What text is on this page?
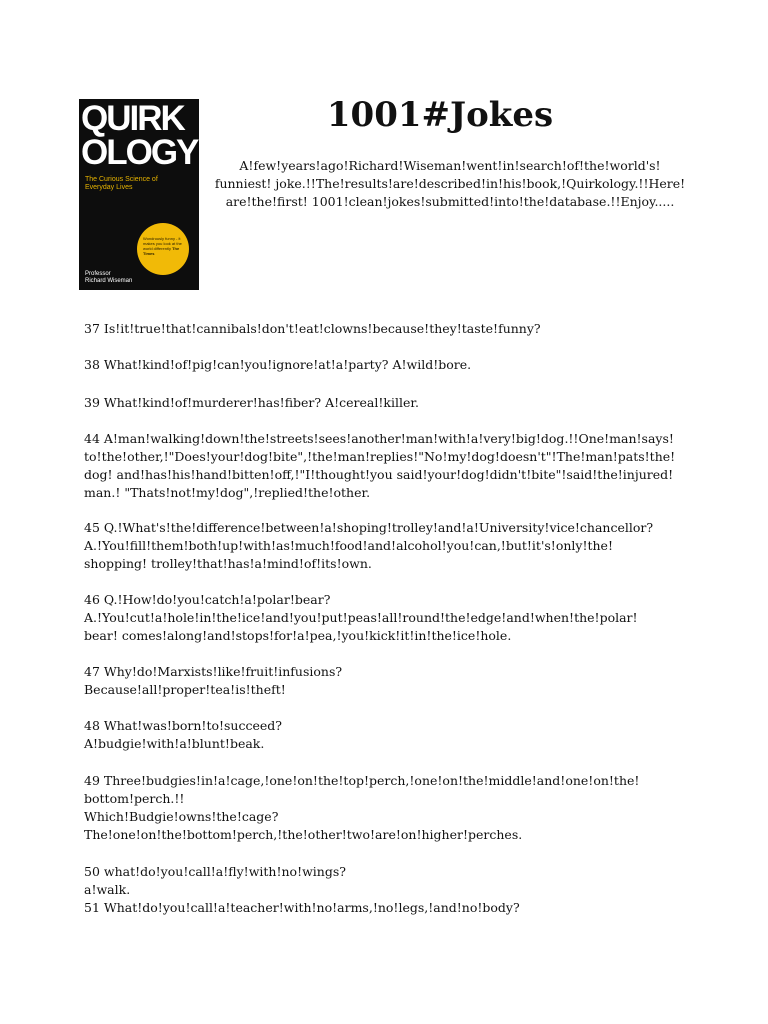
QUIRK
OLOGY
The Curious Science of Everyday Lives
Wondrously funny - it makes you look at the world differently The Times
Professor
Richard Wiseman
1001#Jokes

A!few!years!ago!Richard!Wiseman!went!in!search!of!the!world's! funniest! joke.!!The!results!are!described!in!his!book,!Quirkology.!!Here! are!the!first! 1001!clean!jokes!submitted!into!the!database.!!Enjoy.....

37 Is!it!true!that!cannibals!don't!eat!clowns!because!they!taste!funny?

38 What!kind!of!pig!can!you!ignore!at!a!party? A!wild!bore.

39 What!kind!of!murderer!has!fiber? A!cereal!killer.

44 A!man!walking!down!the!streets!sees!another!man!with!a!very!big!dog.!!One!man!says!
to!the!other,!"Does!your!dog!bite",!the!man!replies!"No!my!dog!doesn't"!The!man!pats!the!
dog! and!has!his!hand!bitten!off,!"I!thought!you said!your!dog!didn't!bite"!said!the!injured!
man.! "Thats!not!my!dog",!replied!the!other.

45 Q.!What's!the!difference!between!a!shoping!trolley!and!a!University!vice!chancellor?
A.!You!fill!them!both!up!with!as!much!food!and!alcohol!you!can,!but!it's!only!the!
shopping! trolley!that!has!a!mind!of!its!own.

46 Q.!How!do!you!catch!a!polar!bear?
A.!You!cut!a!hole!in!the!ice!and!you!put!peas!all!round!the!edge!and!when!the!polar!
bear! comes!along!and!stops!for!a!pea,!you!kick!it!in!the!ice!hole.

47 Why!do!Marxists!like!fruit!infusions?
Because!all!proper!tea!is!theft!

48 What!was!born!to!succeed?
A!budgie!with!a!blunt!beak.

49 Three!budgies!in!a!cage,!one!on!the!top!perch,!one!on!the!middle!and!one!on!the!
bottom!perch.!!
Which!Budgie!owns!the!cage?
The!one!on!the!bottom!perch,!the!other!two!are!on!higher!perches.

50 what!do!you!call!a!fly!with!no!wings?
a!walk.

51 What!do!you!call!a!teacher!with!no!arms,!no!legs,!and!no!body?
